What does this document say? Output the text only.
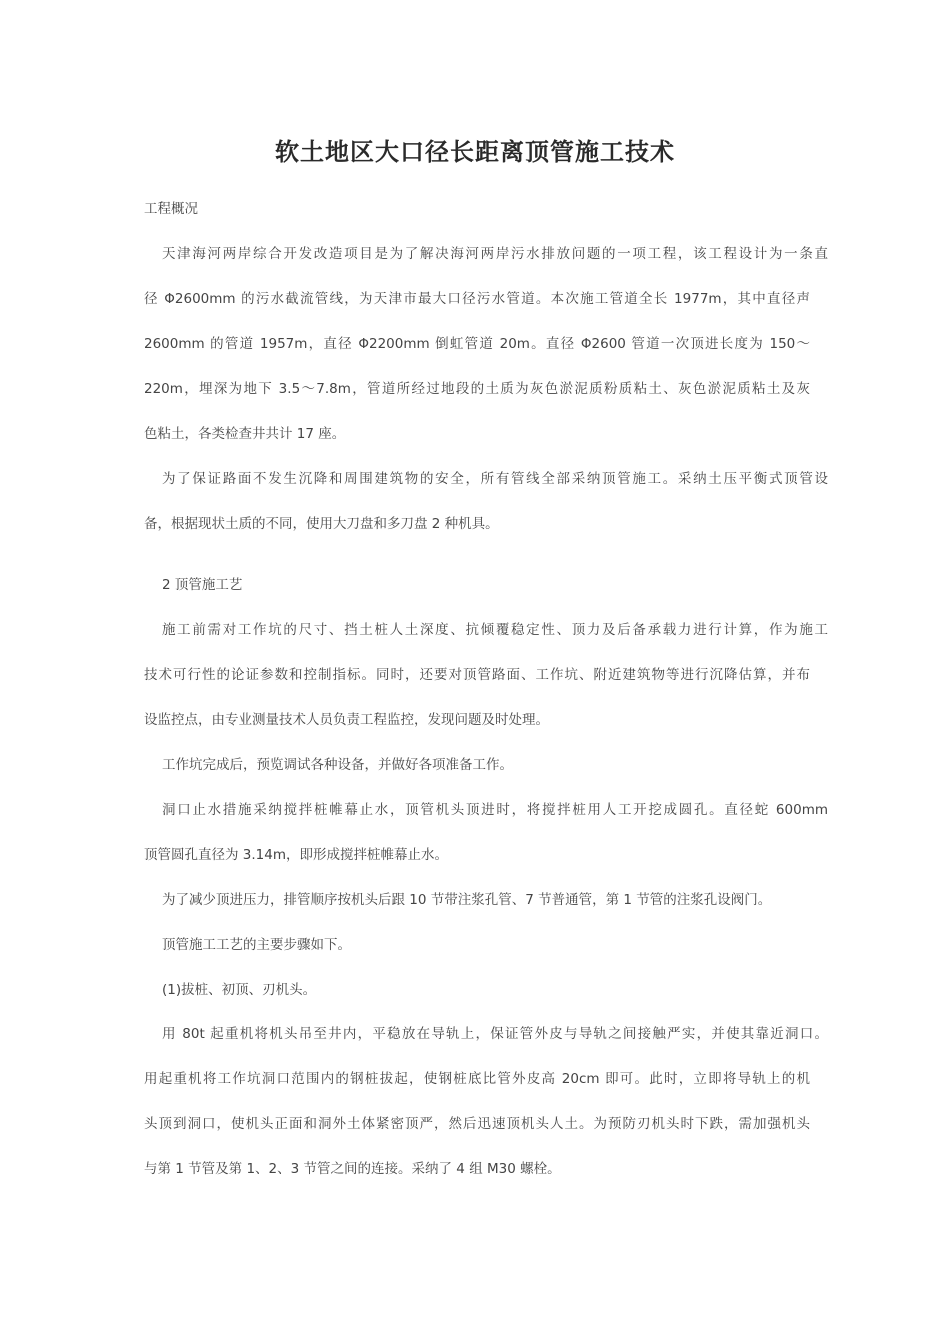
软土地区大口径长距离顶管施工技术
工程概况
天津海河两岸综合开发改造项目是为了解决海河两岸污水排放问题的一项工程，该工程设计为一条直
径 Φ2600mm 的污水截流管线，为天津市最大口径污水管道。本次施工管道全长 1977m，其中直径声
2600mm 的管道 1957m，直径 Φ2200mm 倒虹管道 20m。直径 Φ2600 管道一次顶进长度为 150～
220m，埋深为地下 3.5～7.8m，管道所经过地段的土质为灰色淤泥质粉质粘土、灰色淤泥质粘土及灰
色粘土，各类检查井共计 17 座。
为了保证路面不发生沉降和周围建筑物的安全，所有管线全部采纳顶管施工。采纳土压平衡式顶管设
备，根据现状土质的不同，使用大刀盘和多刀盘 2 种机具。
2 顶管施工艺
施工前需对工作坑的尺寸、挡土桩人土深度、抗倾覆稳定性、顶力及后备承载力进行计算，作为施工
技术可行性的论证参数和控制指标。同时，还要对顶管路面、工作坑、附近建筑物等进行沉降估算，并布
设监控点，由专业测量技术人员负责工程监控，发现问题及时处理。
工作坑完成后，预览调试各种设备，并做好各项准备工作。
洞口止水措施采纳搅拌桩帷幕止水，顶管机头顶进时，将搅拌桩用人工开挖成圆孔。直径蛇 600mm
顶管圆孔直径为 3.14m，即形成搅拌桩帷幕止水。
为了减少顶进压力，排管顺序按机头后跟 10 节带注浆孔管、7 节普通管，第 1 节管的注浆孔设阀门。
顶管施工工艺的主要步骤如下。
(1)拔桩、初顶、刃机头。
用 80t 起重机将机头吊至井内，平稳放在导轨上，保证管外皮与导轨之间接触严实，并使其靠近洞口。
用起重机将工作坑洞口范围内的钢桩拔起，使钢桩底比管外皮高 20cm 即可。此时，立即将导轨上的机
头顶到洞口，使机头正面和洞外土体紧密顶严，然后迅速顶机头人土。为预防刃机头时下跌，需加强机头
与第 1 节管及第 1、2、3 节管之间的连接。采纳了 4 组 M30 螺栓。
